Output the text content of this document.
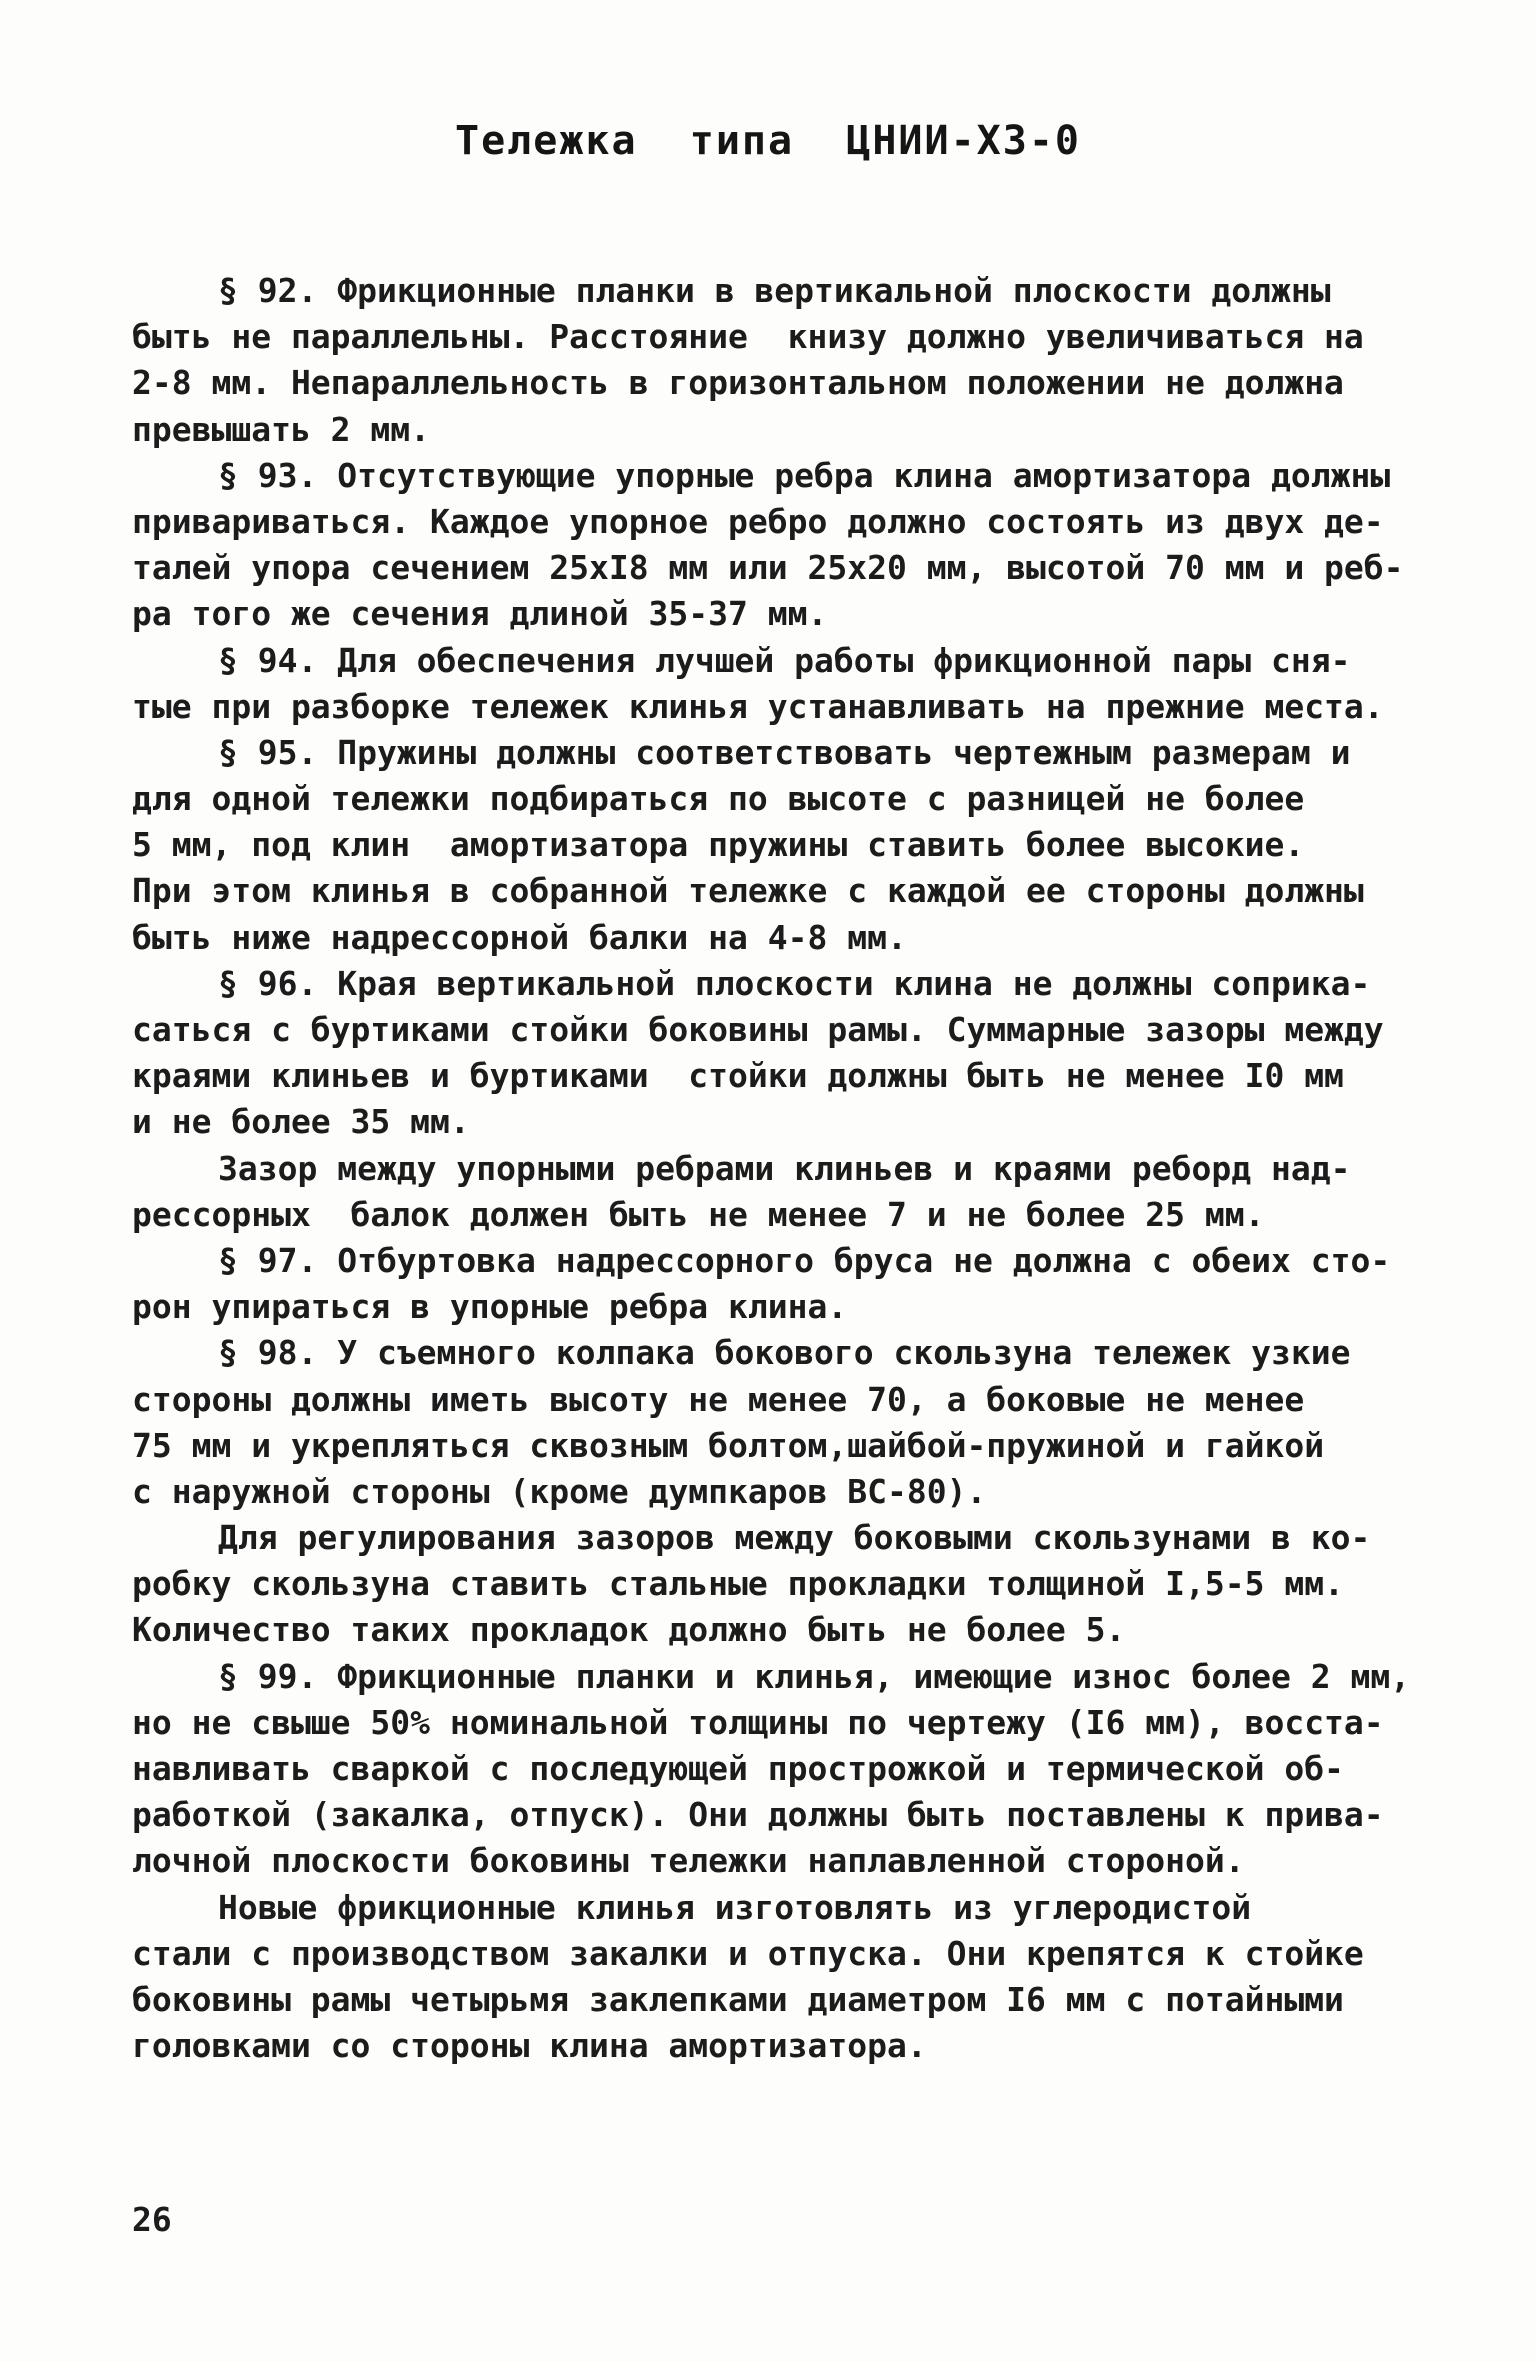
Тележка  типа  ЦНИИ-Х3-0
§ 92. Фрикционные планки в вертикальной плоскости должны
быть не параллельны. Расстояние  книзу должно увеличиваться на
2-8 мм. Непараллельность в горизонтальном положении не должна
превышать 2 мм.
§ 93. Отсутствующие упорные ребра клина амортизатора должны
привариваться. Каждое упорное ребро должно состоять из двух де-
талей упора сечением 25хI8 мм или 25х20 мм, высотой 70 мм и реб-
ра того же сечения длиной 35-37 мм.
§ 94. Для обеспечения лучшей работы фрикционной пары сня-
тые при разборке тележек клинья устанавливать на прежние места.
§ 95. Пружины должны соответствовать чертежным размерам и
для одной тележки подбираться по высоте с разницей не более
5 мм, под клин  амортизатора пружины ставить более высокие.
При этом клинья в собранной тележке с каждой ее стороны должны
быть ниже надрессорной балки на 4-8 мм.
§ 96. Края вертикальной плоскости клина не должны соприка-
саться с буртиками стойки боковины рамы. Суммарные зазоры между
краями клиньев и буртиками  стойки должны быть не менее I0 мм
и не более 35 мм.
Зазор между упорными ребрами клиньев и краями реборд над-
рессорных  балок должен быть не менее 7 и не более 25 мм.
§ 97. Отбуртовка надрессорного бруса не должна с обеих сто-
рон упираться в упорные ребра клина.
§ 98. У съемного колпака бокового скользуна тележек узкие
стороны должны иметь высоту не менее 70, а боковые не менее
75 мм и укрепляться сквозным болтом,шайбой-пружиной и гайкой
с наружной стороны (кроме думпкаров ВС-80).
Для регулирования зазоров между боковыми скользунами в ко-
робку скользуна ставить стальные прокладки толщиной I,5-5 мм.
Количество таких прокладок должно быть не более 5.
§ 99. Фрикционные планки и клинья, имеющие износ более 2 мм,
но не свыше 50% номинальной толщины по чертежу (I6 мм), восста-
навливать сваркой с последующей прострожкой и термической об-
работкой (закалка, отпуск). Они должны быть поставлены к прива-
лочной плоскости боковины тележки наплавленной стороной.
Новые фрикционные клинья изготовлять из углеродистой
стали с производством закалки и отпуска. Они крепятся к стойке
боковины рамы четырьмя заклепками диаметром I6 мм с потайными
головками со стороны клина амортизатора.
26
